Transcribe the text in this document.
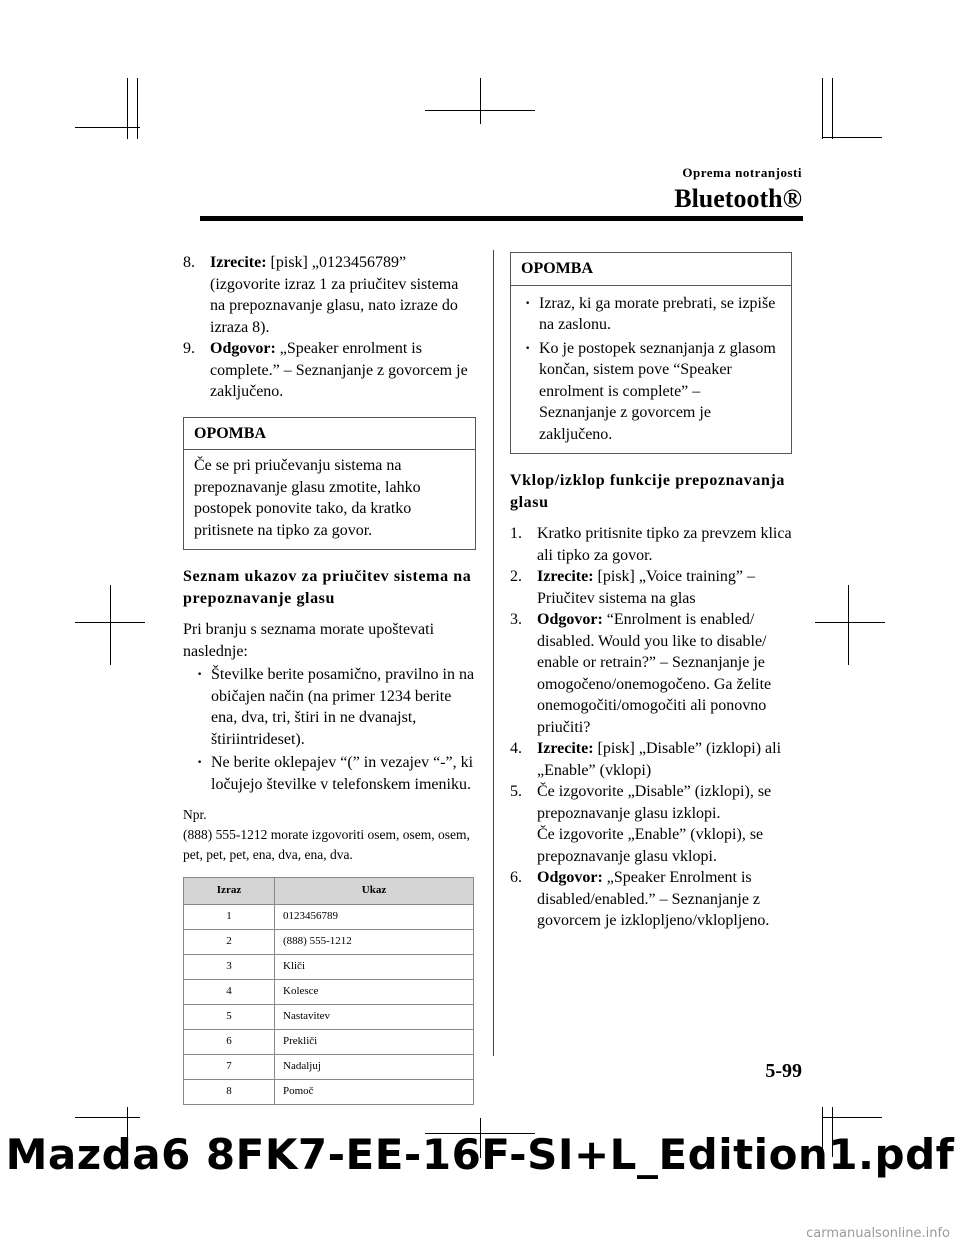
Oprema notranjosti
Bluetooth®
8. Izrecite: [pisk] „0123456789” (izgovorite izraz 1 za priučitev sistema na prepoznavanje glasu, nato izraze do izraza 8).
9. Odgovor: „Speaker enrolment is complete.” – Seznanjanje z govorcem je zaključeno.
OPOMBA
Če se pri priučevanju sistema na prepoznavanje glasu zmotite, lahko postopek ponovite tako, da kratko pritisnete na tipko za govor.
Seznam ukazov za priučitev sistema na prepoznavanje glasu
Pri branju s seznama morate upoštevati naslednje:
· Številke berite posamično, pravilno in na običajen način (na primer 1234 berite ena, dva, tri, štiri in ne dvanajst, štiriintrideset).
· Ne berite oklepajev “(” in vezajev “-”, ki ločujejo številke v telefonskem imeniku.
Npr.
(888) 555-1212 morate izgovoriti osem, osem, osem, pet, pet, pet, ena, dva, ena, dva.
Izraz	Ukaz
1	0123456789
2	(888) 555-1212
3	Kliči
4	Kolesce
5	Nastavitev
6	Prekliči
7	Nadaljuj
8	Pomoč
OPOMBA
· Izraz, ki ga morate prebrati, se izpiše na zaslonu.
· Ko je postopek seznanjanja z glasom končan, sistem pove “Speaker enrolment is complete” – Seznanjanje z govorcem je zaključeno.
Vklop/izklop funkcije prepoznavanja glasu
1. Kratko pritisnite tipko za prevzem klica ali tipko za govor.
2. Izrecite: [pisk] „Voice training” – Priučitev sistema na glas
3. Odgovor: “Enrolment is enabled/ disabled. Would you like to disable/ enable or retrain?” – Seznanjanje je omogočeno/onemogočeno. Ga želite onemogočiti/omogočiti ali ponovno priučiti?
4. Izrecite: [pisk] „Disable” (izklopi) ali „Enable” (vklopi)
5. Če izgovorite „Disable” (izklopi), se prepoznavanje glasu izklopi.
Če izgovorite „Enable” (vklopi), se prepoznavanje glasu vklopi.
6. Odgovor: „Speaker Enrolment is disabled/enabled.” – Seznanjanje z govorcem je izklopljeno/vklopljeno.
5-99
Mazda6 8FK7-EE-16F-SI+L_Edition1.pdf
carmanualsonline.info
